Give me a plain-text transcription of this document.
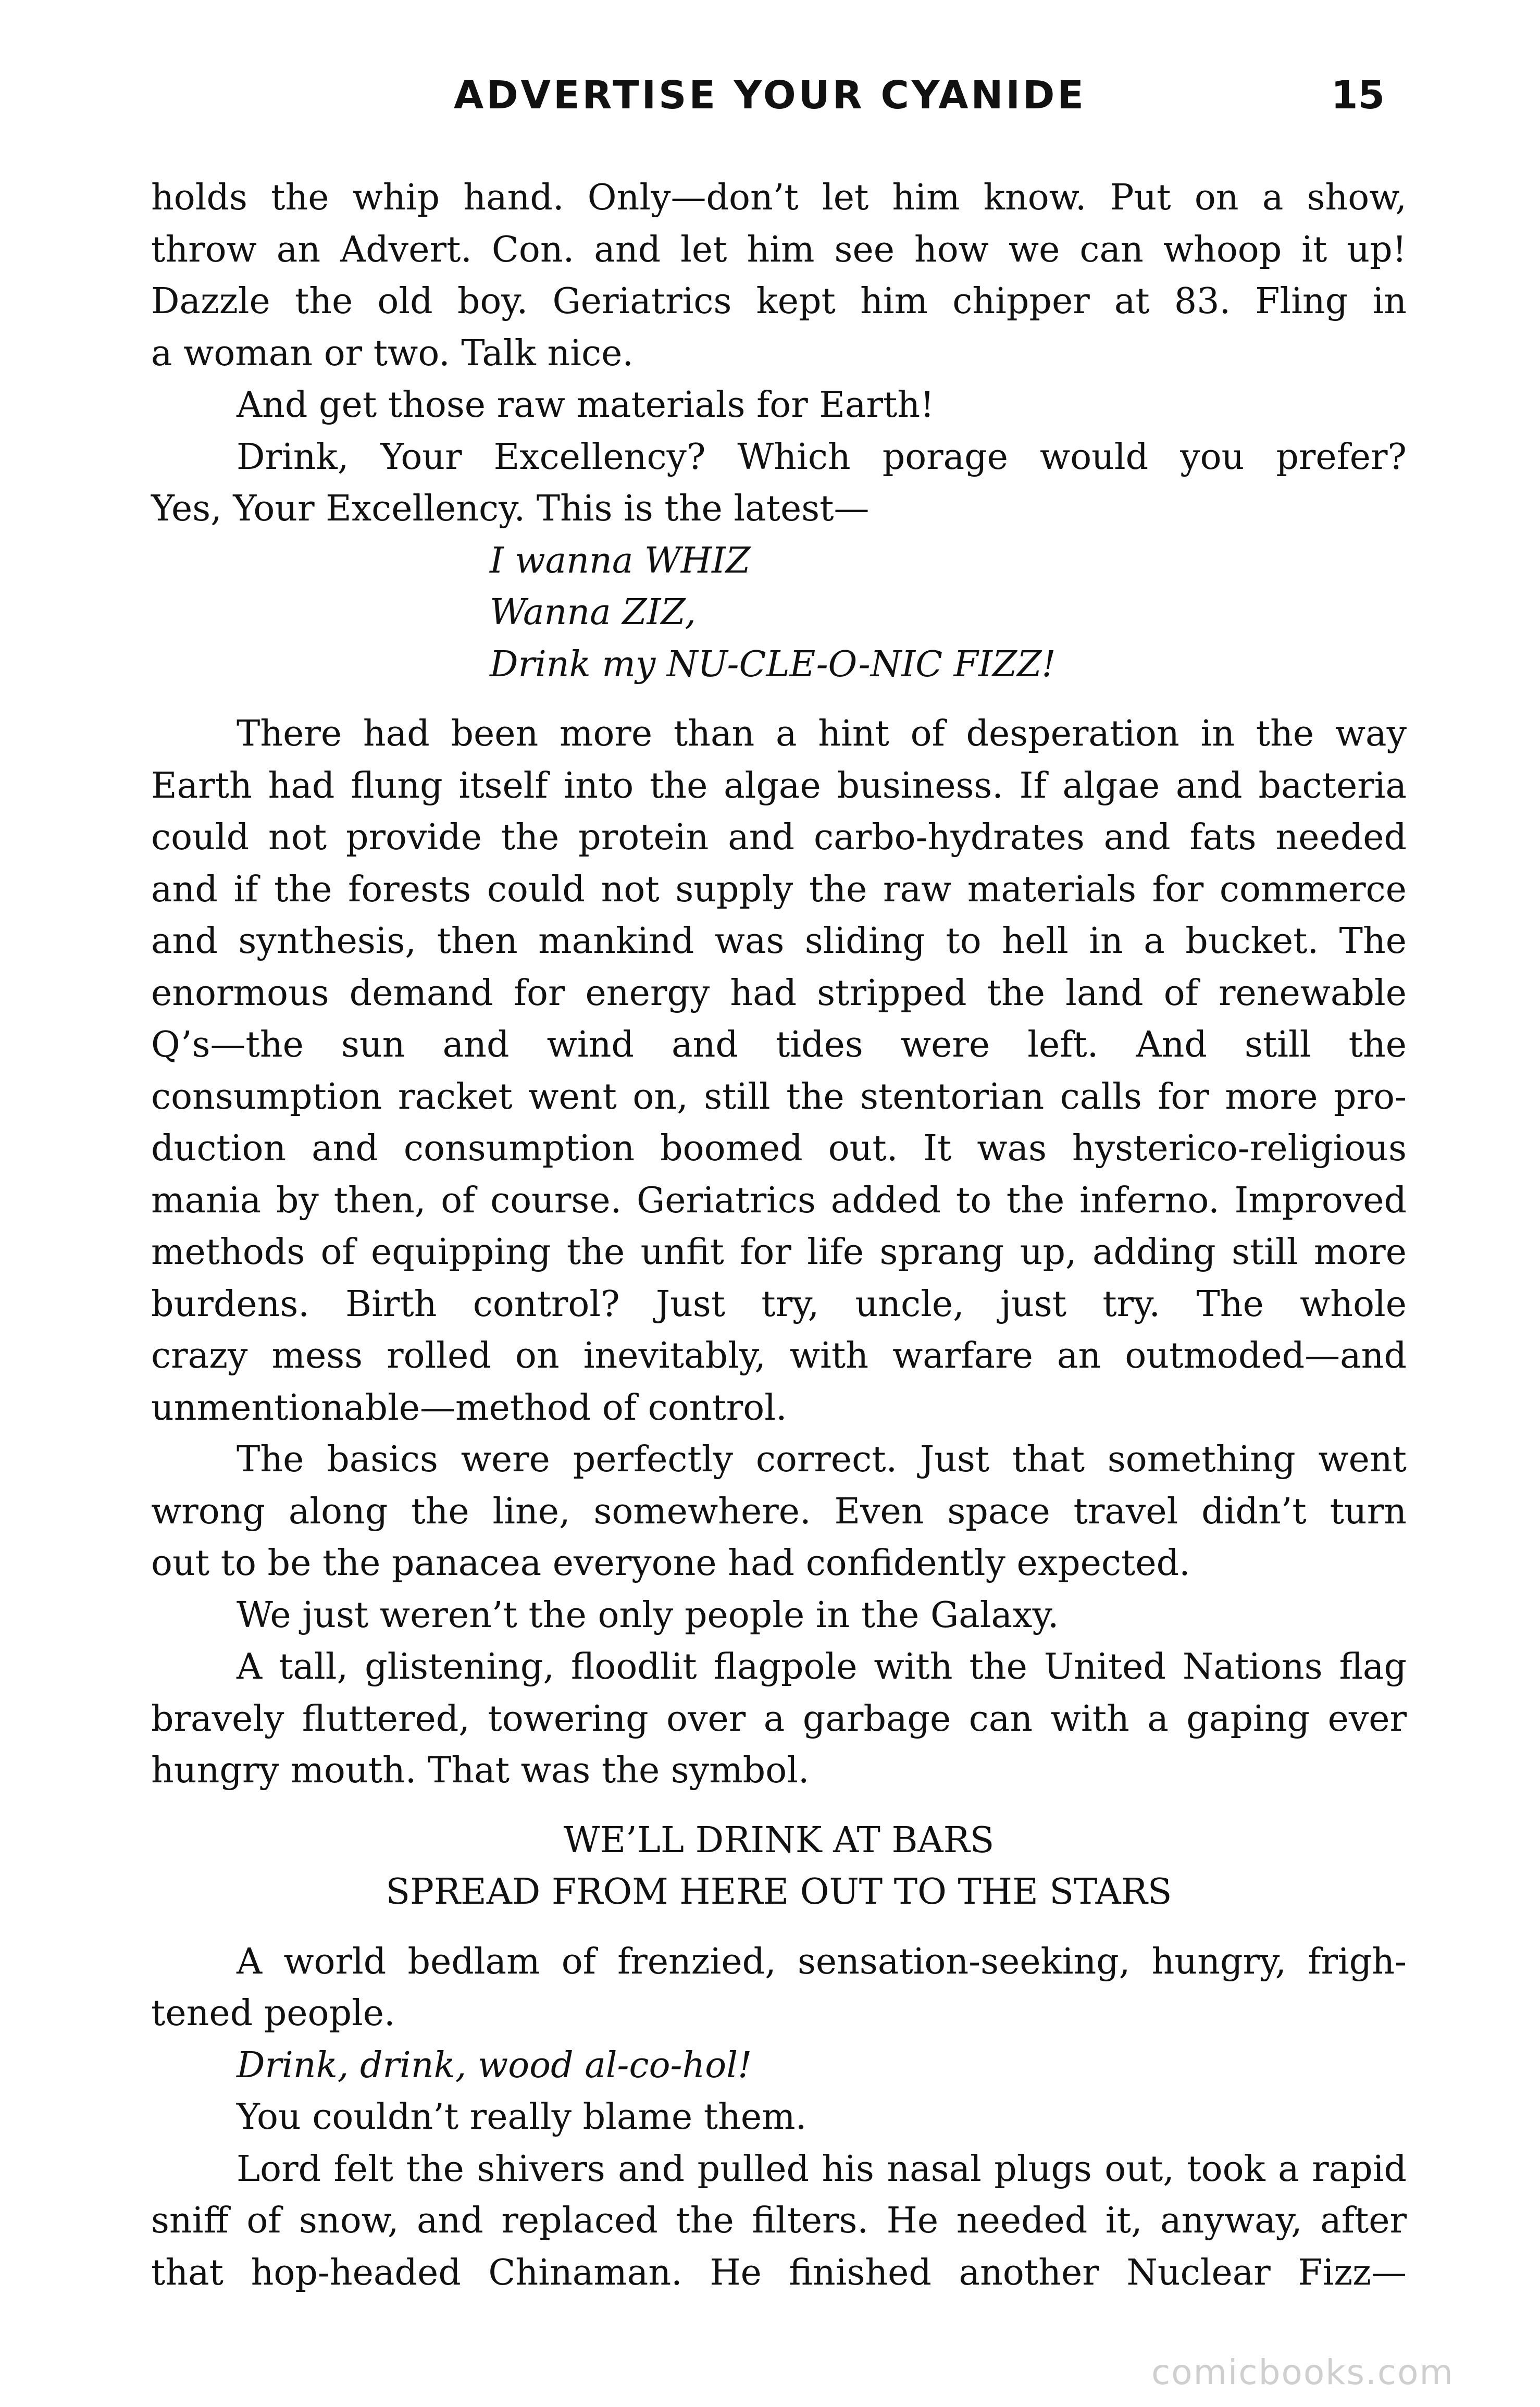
ADVERTISE YOUR CYANIDE	15
holds the whip hand. Only—don’t let him know. Put on a show,
throw an Advert. Con. and let him see how we can whoop it up!
Dazzle the old boy. Geriatrics kept him chipper at 83. Fling in
a woman or two. Talk nice.
And get those raw materials for Earth!
Drink, Your Excellency? Which porage would you prefer?
Yes, Your Excellency. This is the latest—
I wanna WHIZ
Wanna ZIZ,
Drink my NU-CLE-O-NIC FIZZ!
There had been more than a hint of desperation in the way
Earth had flung itself into the algae business. If algae and bacteria
could not provide the protein and carbo-hydrates and fats needed
and if the forests could not supply the raw materials for commerce
and synthesis, then mankind was sliding to hell in a bucket. The
enormous demand for energy had stripped the land of renewable
Q’s—the sun and wind and tides were left. And still the
consumption racket went on, still the stentorian calls for more pro-
duction and consumption boomed out. It was hysterico-religious
mania by then, of course. Geriatrics added to the inferno. Improved
methods of equipping the unfit for life sprang up, adding still more
burdens. Birth control? Just try, uncle, just try. The whole
crazy mess rolled on inevitably, with warfare an outmoded—and
unmentionable—method of control.
The basics were perfectly correct. Just that something went
wrong along the line, somewhere. Even space travel didn’t turn
out to be the panacea everyone had confidently expected.
We just weren’t the only people in the Galaxy.
A tall, glistening, floodlit flagpole with the United Nations flag
bravely fluttered, towering over a garbage can with a gaping ever
hungry mouth. That was the symbol.
WE’LL DRINK AT BARS
SPREAD FROM HERE OUT TO THE STARS
A world bedlam of frenzied, sensation-seeking, hungry, frigh-
tened people.
Drink, drink, wood al-co-hol!
You couldn’t really blame them.
Lord felt the shivers and pulled his nasal plugs out, took a rapid
sniff of snow, and replaced the filters. He needed it, anyway, after
that hop-headed Chinaman. He finished another Nuclear Fizz—
comicbooks.com
